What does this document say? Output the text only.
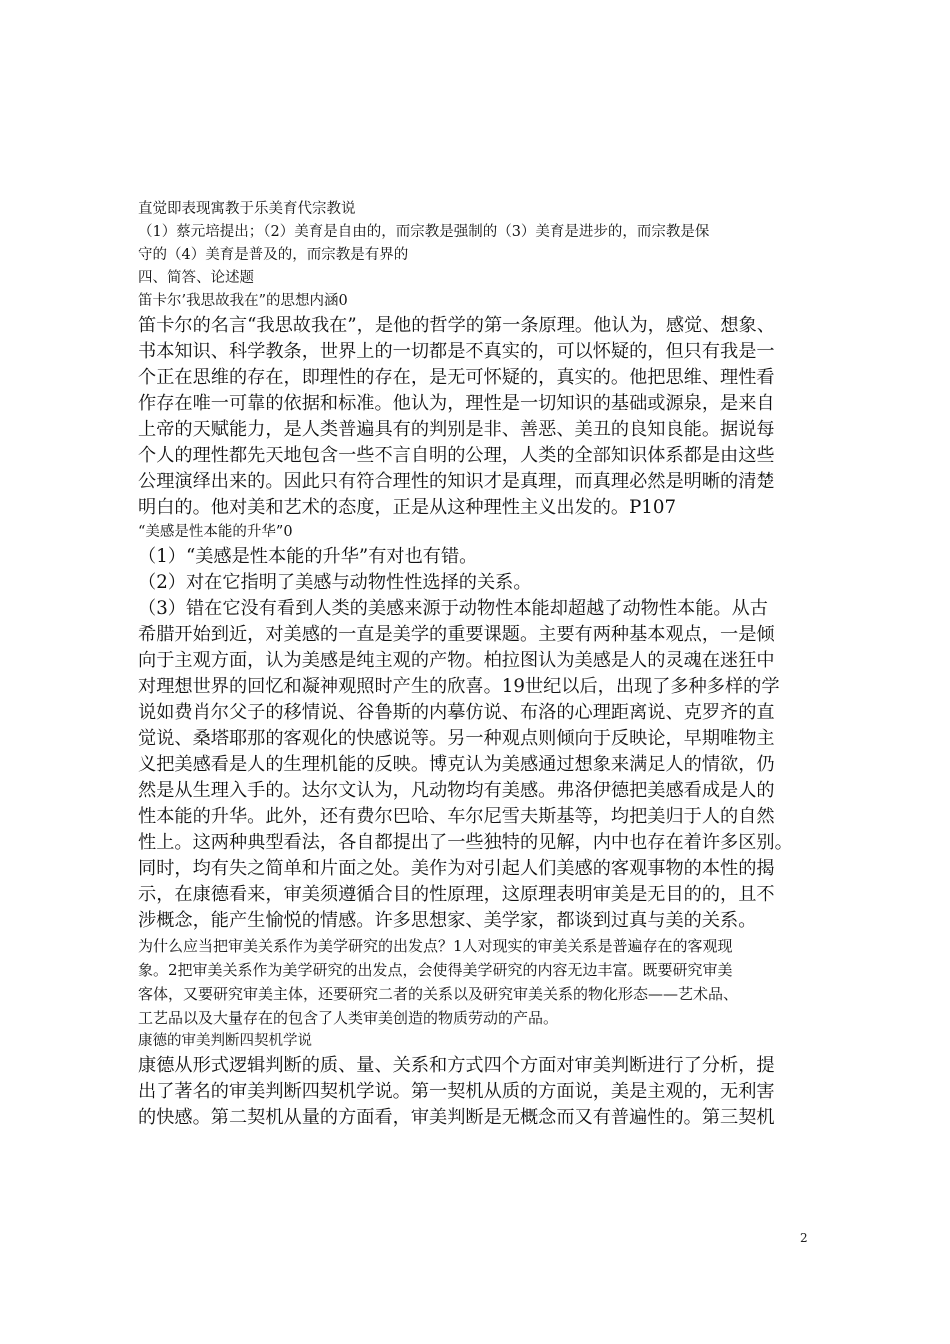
直觉即表现寓教于乐美育代宗教说
（1）蔡元培提出；（2）美育是自由的，而宗教是强制的（3）美育是进步的，而宗教是保
守的（4）美育是普及的，而宗教是有界的
四、简答、论述题
笛卡尔’我思故我在”的思想内涵0
笛卡尔的名言“我思故我在”，是他的哲学的第一条原理。他认为，感觉、想象、
书本知识、科学教条，世界上的一切都是不真实的，可以怀疑的，但只有我是一
个正在思维的存在，即理性的存在，是无可怀疑的，真实的。他把思维、理性看
作存在唯一可靠的依据和标准。他认为，理性是一切知识的基础或源泉，是来自
上帝的天赋能力，是人类普遍具有的判别是非、善恶、美丑的良知良能。据说每
个人的理性都先天地包含一些不言自明的公理，人类的全部知识体系都是由这些
公理演绎出来的。因此只有符合理性的知识才是真理，而真理必然是明晰的清楚
明白的。他对美和艺术的态度，正是从这种理性主义出发的。P107
“美感是性本能的升华”0
（1）“美感是性本能的升华”有对也有错。
（2）对在它指明了美感与动物性性选择的关系。
（3）错在它没有看到人类的美感来源于动物性本能却超越了动物性本能。从古
希腊开始到近，对美感的一直是美学的重要课题。主要有两种基本观点，一是倾
向于主观方面，认为美感是纯主观的产物。柏拉图认为美感是人的灵魂在迷狂中
对理想世界的回忆和凝神观照时产生的欣喜。19世纪以后，出现了多种多样的学
说如费肖尔父子的移情说、谷鲁斯的内摹仿说、布洛的心理距离说、克罗齐的直
觉说、桑塔耶那的客观化的快感说等。另一种观点则倾向于反映论，早期唯物主
义把美感看是人的生理机能的反映。博克认为美感通过想象来满足人的情欲，仍
然是从生理入手的。达尔文认为，凡动物均有美感。弗洛伊德把美感看成是人的
性本能的升华。此外，还有费尔巴哈、车尔尼雪夫斯基等，均把美归于人的自然
性上。这两种典型看法，各自都提出了一些独特的见解，内中也存在着许多区别。
同时，均有失之简单和片面之处。美作为对引起人们美感的客观事物的本性的揭
示，在康德看来，审美须遵循合目的性原理，这原理表明审美是无目的的，且不
涉概念，能产生愉悦的情感。许多思想家、美学家，都谈到过真与美的关系。
为什么应当把审美关系作为美学研究的出发点？1人对现实的审美关系是普遍存在的客观现
象。2把审美关系作为美学研究的出发点，会使得美学研究的内容无边丰富。既要研究审美
客体，又要研究审美主体，还要研究二者的关系以及研究审美关系的物化形态——艺术品、
工艺品以及大量存在的包含了人类审美创造的物质劳动的产品。
康德的审美判断四契机学说
康德从形式逻辑判断的质、量、关系和方式四个方面对审美判断进行了分析，提
出了著名的审美判断四契机学说。第一契机从质的方面说，美是主观的，无利害
的快感。第二契机从量的方面看，审美判断是无概念而又有普遍性的。第三契机
2
